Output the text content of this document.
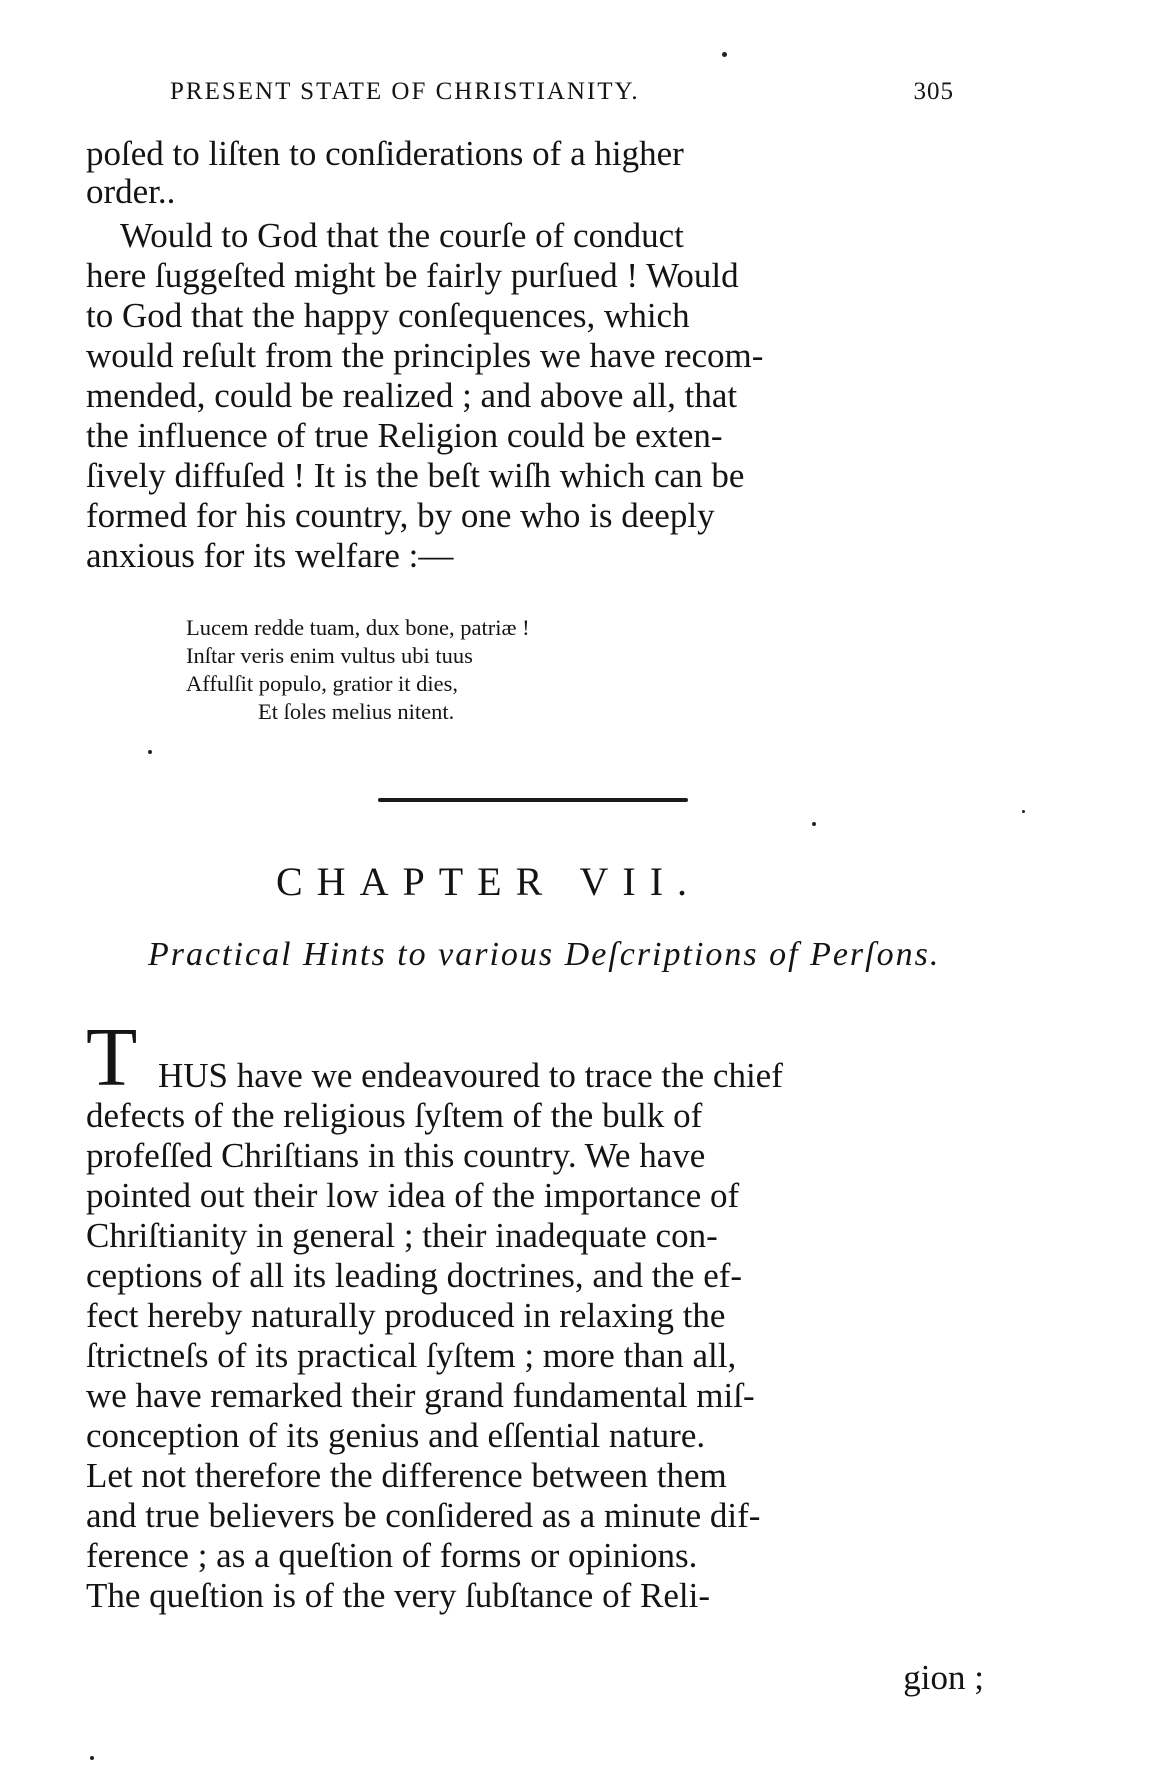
PRESENT STATE OF CHRISTIANITY.	305
poſed to liſten to conſiderations of a higher
order..
Would to God that the courſe of conduct
here ſuggeſted might be fairly purſued ! Would
to God that the happy conſequences, which
would reſult from the principles we have recom-
mended, could be realized ; and above all, that
the influence of true Religion could be exten-
ſively diffuſed ! It is the beſt wiſh which can be
formed for his country, by one who is deeply
anxious for its welfare :—
Lucem redde tuam, dux bone, patriæ !
Inſtar veris enim vultus ubi tuus
Affulſit populo, gratior it dies,
Et ſoles melius nitent.
CHAPTER VII.
Practical Hints to various Deſcriptions of Perſons.
T HUS have we endeavoured to trace the chief
defects of the religious ſyſtem of the bulk of
profeſſed Chriſtians in this country. We have
pointed out their low idea of the importance of
Chriſtianity in general ; their inadequate con-
ceptions of all its leading doctrines, and the ef-
fect hereby naturally produced in relaxing the
ſtrictneſs of its practical ſyſtem ; more than all,
we have remarked their grand fundamental miſ-
conception of its genius and eſſential nature.
Let not therefore the difference between them
and true believers be conſidered as a minute dif-
ference ; as a queſtion of forms or opinions.
The queſtion is of the very ſubſtance of Reli-
gion ;
